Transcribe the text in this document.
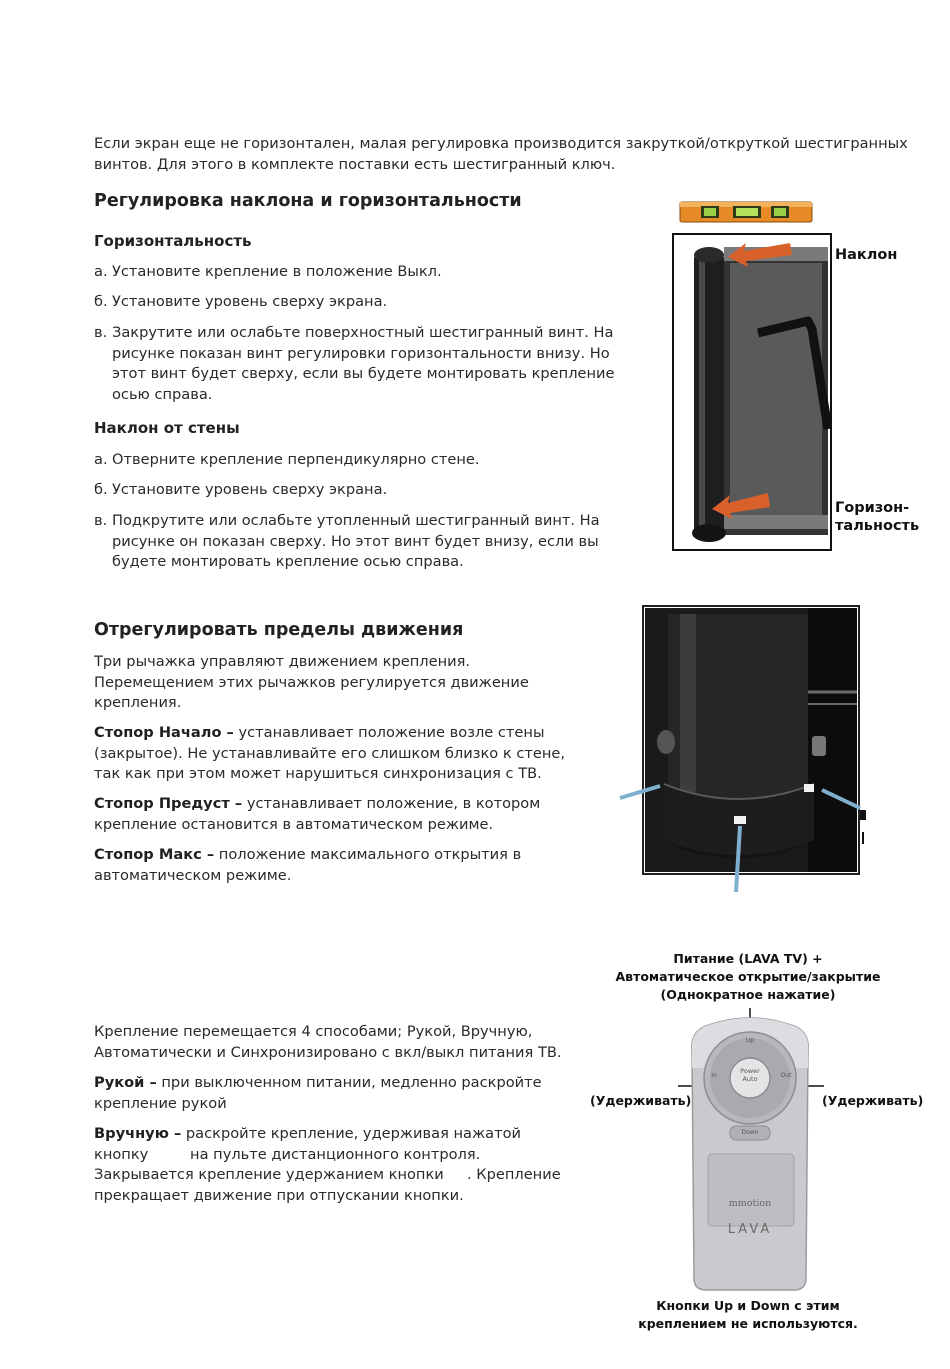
Если экран еще не горизонтален, малая регулировка производится закруткой/откруткой шестигранных винтов. Для этого в комплекте поставки есть шестигранный ключ.

Регулировка наклона и горизонтальности
Горизонтальность
а. Установите крепление в положение Выкл.
б. Установите уровень сверху экрана.
в. Закрутите или ослабьте поверхностный шестигранный винт. На рисунке показан винт регулировки горизонтальности внизу. Но этот винт будет сверху, если вы будете монтировать крепление осью справа.
Наклон от стены
а. Отверните крепление перпендикулярно стене.
б. Установите уровень сверху экрана.
в. Подкрутите или ослабьте утопленный шестигранный винт. На рисунке он показан сверху. Но этот винт будет внизу, если вы будете монтировать крепление осью справа.
Наклон
Горизон-
тальность
Отрегулировать пределы движения

Три рычажка управляют движением крепления. Перемещением этих рычажков регулируется движение крепления.

Стопор Начало – устанавливает положение возле стены (закрытое). Не устанавливайте его слишком близко к стене, так как при этом может нарушиться синхронизация с ТВ.

Стопор Предуст – устанавливает положение, в котором крепление остановится в автоматическом режиме.

Стопор Макс – положение максимального открытия в автоматическом режиме.

Крепление перемещается 4 способами; Рукой, Вручную, Автоматически и Синхронизировано с вкл/выкл питания ТВ.

Рукой – при выключенном питании, медленно раскройте крепление рукой

Вручную – раскройте крепление, удерживая нажатой кнопку         на пульте дистанционного контроля. Закрывается крепление удержанием кнопки     . Крепление прекращает движение при отпускании кнопки.

Питание (LAVA TV) +
Автоматическое открытие/закрытие
(Однократное нажатие)
(Удерживать)	(Удерживать)
Up
Power
Auto
In	Out
Down
mmotion
LAVA
Кнопки Up и Down с этим
креплением не используются.
